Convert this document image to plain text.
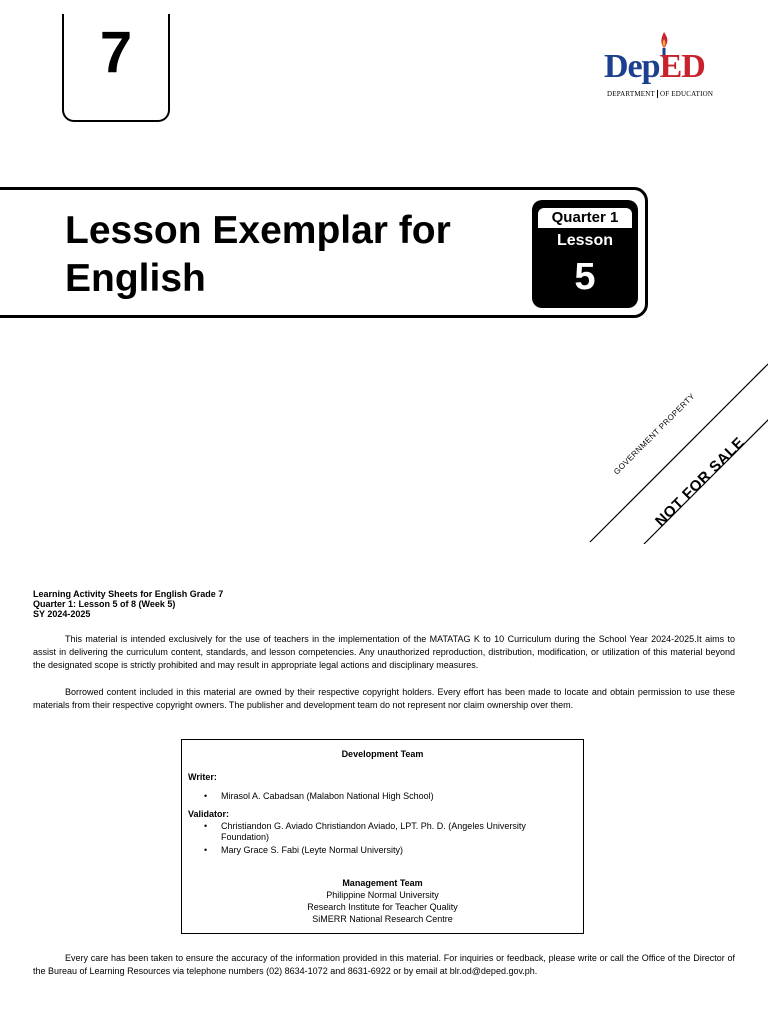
7	DepED
DEPARTMENT OF EDUCATION
Lesson Exemplar for
English
Quarter 1
Lesson
5
GOVERNMENT PROPERTY
NOT FOR SALE
Learning Activity Sheets for English Grade 7
Quarter 1: Lesson 5 of 8 (Week 5)
SY 2024-2025
This material is intended exclusively for the use of teachers in the implementation of the MATATAG K to 10 Curriculum during the School Year 2024-2025.It aims to assist in delivering the curriculum content, standards, and lesson competencies. Any unauthorized reproduction, distribution, modification, or utilization of this material beyond the designated scope is strictly prohibited and may result in appropriate legal actions and disciplinary measures.
Borrowed content included in this material are owned by their respective copyright holders. Every effort has been made to locate and obtain permission to use these materials from their respective copyright owners. The publisher and development team do not represent nor claim ownership over them.
Development Team
Writer:
• Mirasol A. Cabadsan (Malabon National High School)
Validator:
• Christiandon G. Aviado Christiandon Aviado, LPT. Ph. D. (Angeles University Foundation)
• Mary Grace S. Fabi (Leyte Normal University)
Management Team
Philippine Normal University
Research Institute for Teacher Quality
SiMERR National Research Centre
Every care has been taken to ensure the accuracy of the information provided in this material. For inquiries or feedback, please write or call the Office of the Director of the Bureau of Learning Resources via telephone numbers (02) 8634-1072 and 8631-6922 or by email at blr.od@deped.gov.ph.
